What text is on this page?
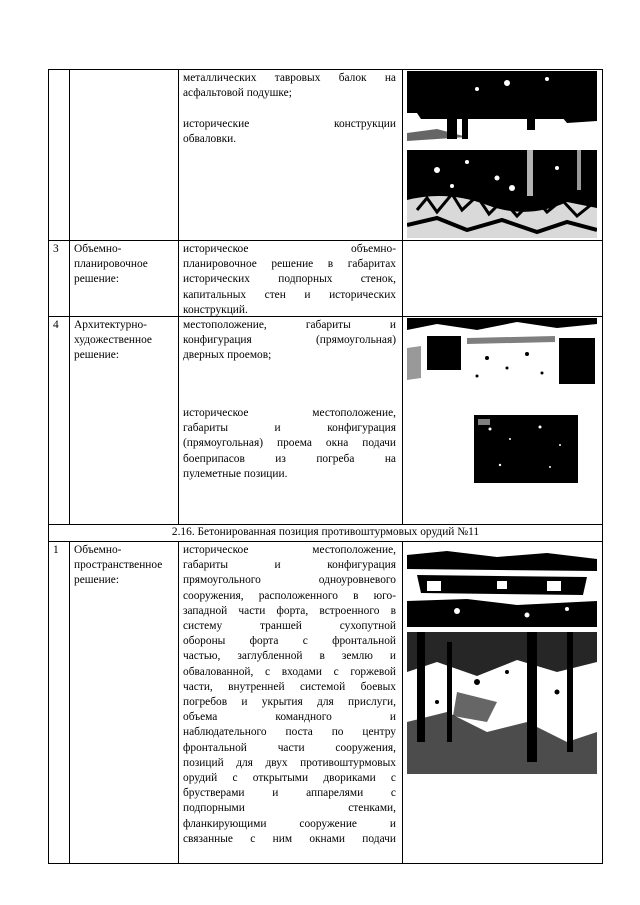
металлических тавровых балок на
асфальтовой подушке;
исторические конструкции
обваловки.
3 Объемно-
планировочное
решение:
историческое объемно-
планировочное решение в габаритах
исторических подпорных стенок,
капитальных стен и исторических
конструкций.
4 Архитектурно-
художественное
решение:
местоположение, габариты и
конфигурация (прямоугольная)
дверных проемов;
историческое местоположение,
габариты и конфигурация
(прямоугольная) проема окна подачи
боеприпасов из погреба на
пулеметные позиции.
2.16. Бетонированная позиция противоштурмовых орудий №11
1 Объемно-
пространственное
решение:
историческое местоположение,
габариты и конфигурация
прямоугольного одноуровневого
сооружения, расположенного в юго-
западной части форта, встроенного в
систему траншей сухопутной
обороны форта с фронтальной
частью, заглубленной в землю и
обвалованной, с входами с горжевой
части, внутренней системой боевых
погребов и укрытия для прислуги,
объема командного и
наблюдательного поста по центру
фронтальной части сооружения,
позиций для двух противоштурмовых
орудий с открытыми двориками с
брустверами и аппарелями с
подпорными стенками,
фланкирующими сооружение и
связанные с ним окнами подачи
